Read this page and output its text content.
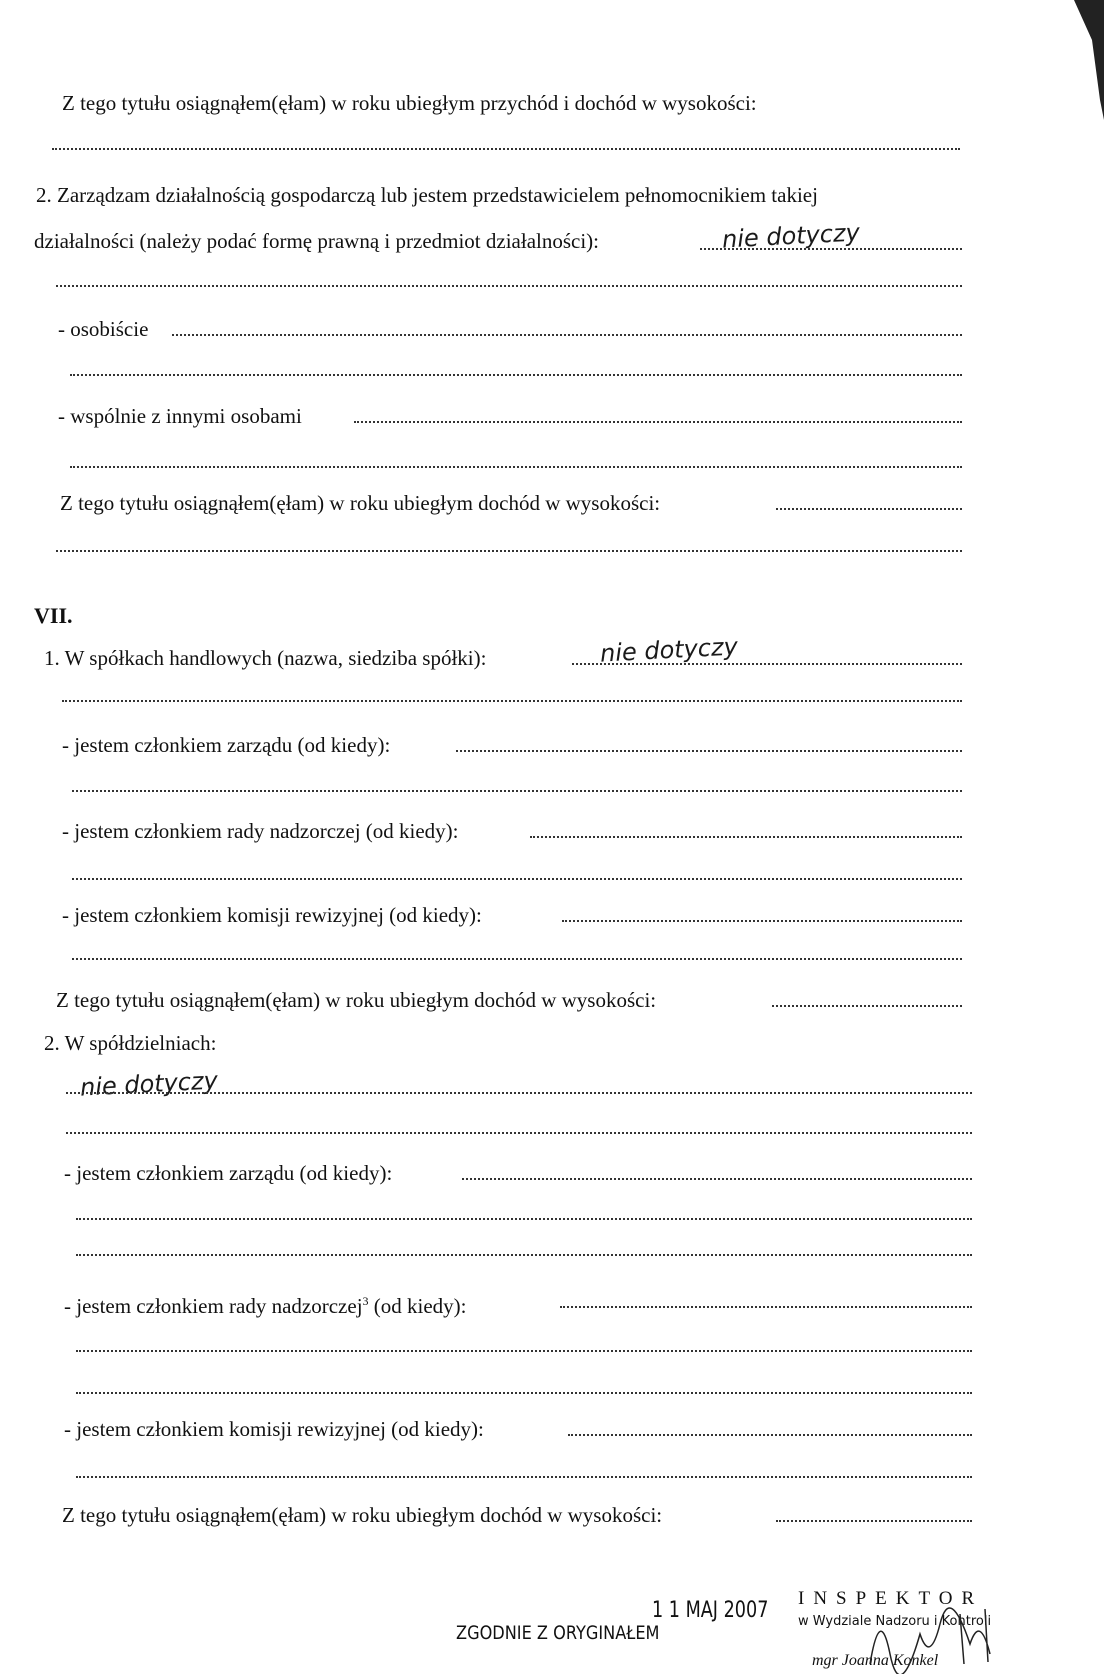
Z tego tytułu osiągnąłem(ęłam) w roku ubiegłym przychód i dochód w wysokości:
2. Zarządzam działalnością gospodarczą lub jestem przedstawicielem pełnomocnikiem takiej
działalności (należy podać formę prawną i przedmiot działalności):	nie dotyczy
- osobiście
- wspólnie z innymi osobami
Z tego tytułu osiągnąłem(ęłam) w roku ubiegłym dochód w wysokości:
VII.
1. W spółkach handlowych (nazwa, siedziba spółki):	nie dotyczy
- jestem członkiem zarządu (od kiedy):
- jestem członkiem rady nadzorczej (od kiedy):
- jestem członkiem komisji rewizyjnej (od kiedy):
Z tego tytułu osiągnąłem(ęłam) w roku ubiegłym dochód w wysokości:
2. W spółdzielniach:
nie dotyczy
- jestem członkiem zarządu (od kiedy):
- jestem członkiem rady nadzorczej$^3$ (od kiedy):
- jestem członkiem komisji rewizyjnej (od kiedy):
Z tego tytułu osiągnąłem(ęłam) w roku ubiegłym dochód w wysokości:
ZGODNIE Z ORYGINAŁEM
1 1 MAJ 2007 INSPEKTOR
w Wydziale Nadzoru i Kontroli
mgr Joanna Konkel
